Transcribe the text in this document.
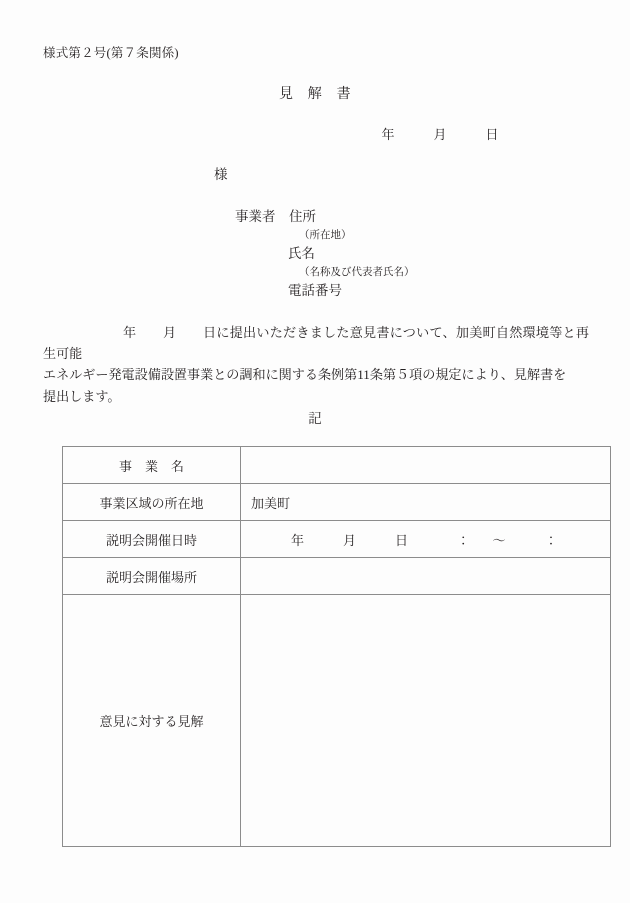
様式第２号(第７条関係)
見　解　書
年　　　月　　　日
様
事業者　住所
（所在地）
氏名
（名称及び代表者氏名）
電話番号
　　　　　　年　　月　　日に提出いただきました意見書について、加美町自然環境等と再生可能
エネルギー発電設備設置事業との調和に関する条例第11条第５項の規定により、見解書を
提出します。
記
事　業　名	
事業区域の所在地	加美町
説明会開催日時	年　　　月　　　日　　　　：　　～　　　：
説明会開催場所	
意見に対する見解	
